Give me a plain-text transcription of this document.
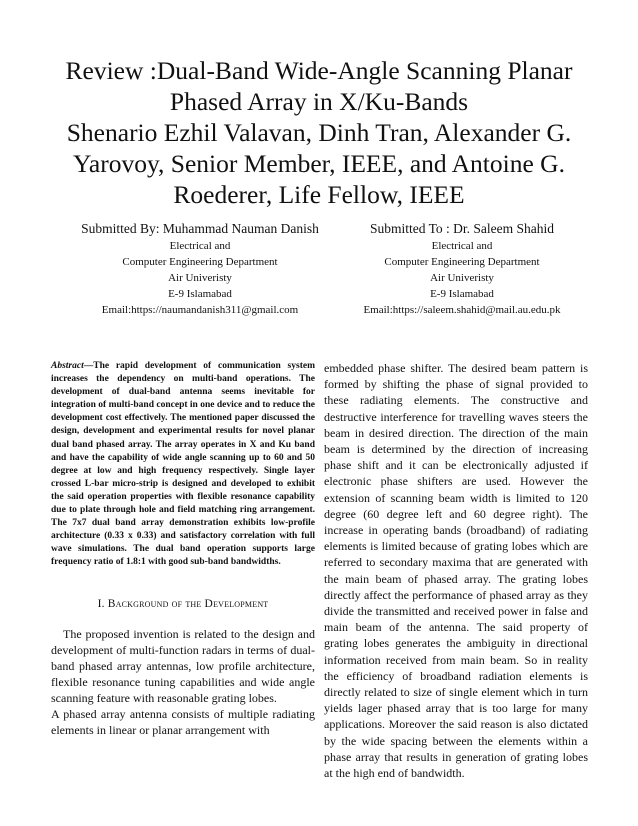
Review :Dual-Band Wide-Angle Scanning Planar Phased Array in X/Ku-Bands
Shenario Ezhil Valavan, Dinh Tran, Alexander G. Yarovoy, Senior Member, IEEE, and Antoine G. Roederer, Life Fellow, IEEE
Submitted By: Muhammad Nauman Danish
Electrical and
Computer Engineering Department
Air Univeristy
E-9 Islamabad
Email:https://naumandanish311@gmail.com
Submitted To : Dr. Saleem Shahid
Electrical and
Computer Engineering Department
Air Univeristy
E-9 Islamabad
Email:https://saleem.shahid@mail.au.edu.pk

Abstract—The rapid development of communication system increases the dependency on multi-band operations. The development of dual-band antenna seems inevitable for integration of multi-band concept in one device and to reduce the development cost effectively. The mentioned paper discussed the design, development and experimental results for novel planar dual band phased array. The array operates in X and Ku band and have the capability of wide angle scanning up to 60 and 50 degree at low and high frequency respectively. Single layer crossed L-bar micro-strip is designed and developed to exhibit the said operation properties with flexible resonance capability due to plate through hole and field matching ring arrangement. The 7x7 dual band array demonstration exhibits low-profile architecture (0.33 x 0.33) and satisfactory correlation with full wave simulations. The dual band operation supports large frequency ratio of 1.8:1 with good sub-band bandwidths.

I. Background of the Development

The proposed invention is related to the design and development of multi-function radars in terms of dual-band phased array antennas, low profile architecture, flexible resonance tuning capabilities and wide angle scanning feature with reasonable grating lobes.

A phased array antenna consists of multiple radiating elements in linear or planar arrangement with

embedded phase shifter. The desired beam pattern is formed by shifting the phase of signal provided to these radiating elements. The constructive and destructive interference for travelling waves steers the beam in desired direction. The direction of the main beam is determined by the direction of increasing phase shift and it can be electronically adjusted if electronic phase shifters are used. However the extension of scanning beam width is limited to 120 degree (60 degree left and 60 degree right). The increase in operating bands (broadband) of radiating elements is limited because of grating lobes which are referred to secondary maxima that are generated with the main beam of phased array. The grating lobes directly affect the performance of phased array as they divide the transmitted and received power in false and main beam of the antenna. The said property of grating lobes generates the ambiguity in directional information received from main beam. So in reality the efficiency of broadband radiation elements is directly related to size of single element which in turn yields lager phased array that is too large for many applications. Moreover the said reason is also dictated by the wide spacing between the elements within a phase array that results in generation of grating lobes at the high end of bandwidth.
